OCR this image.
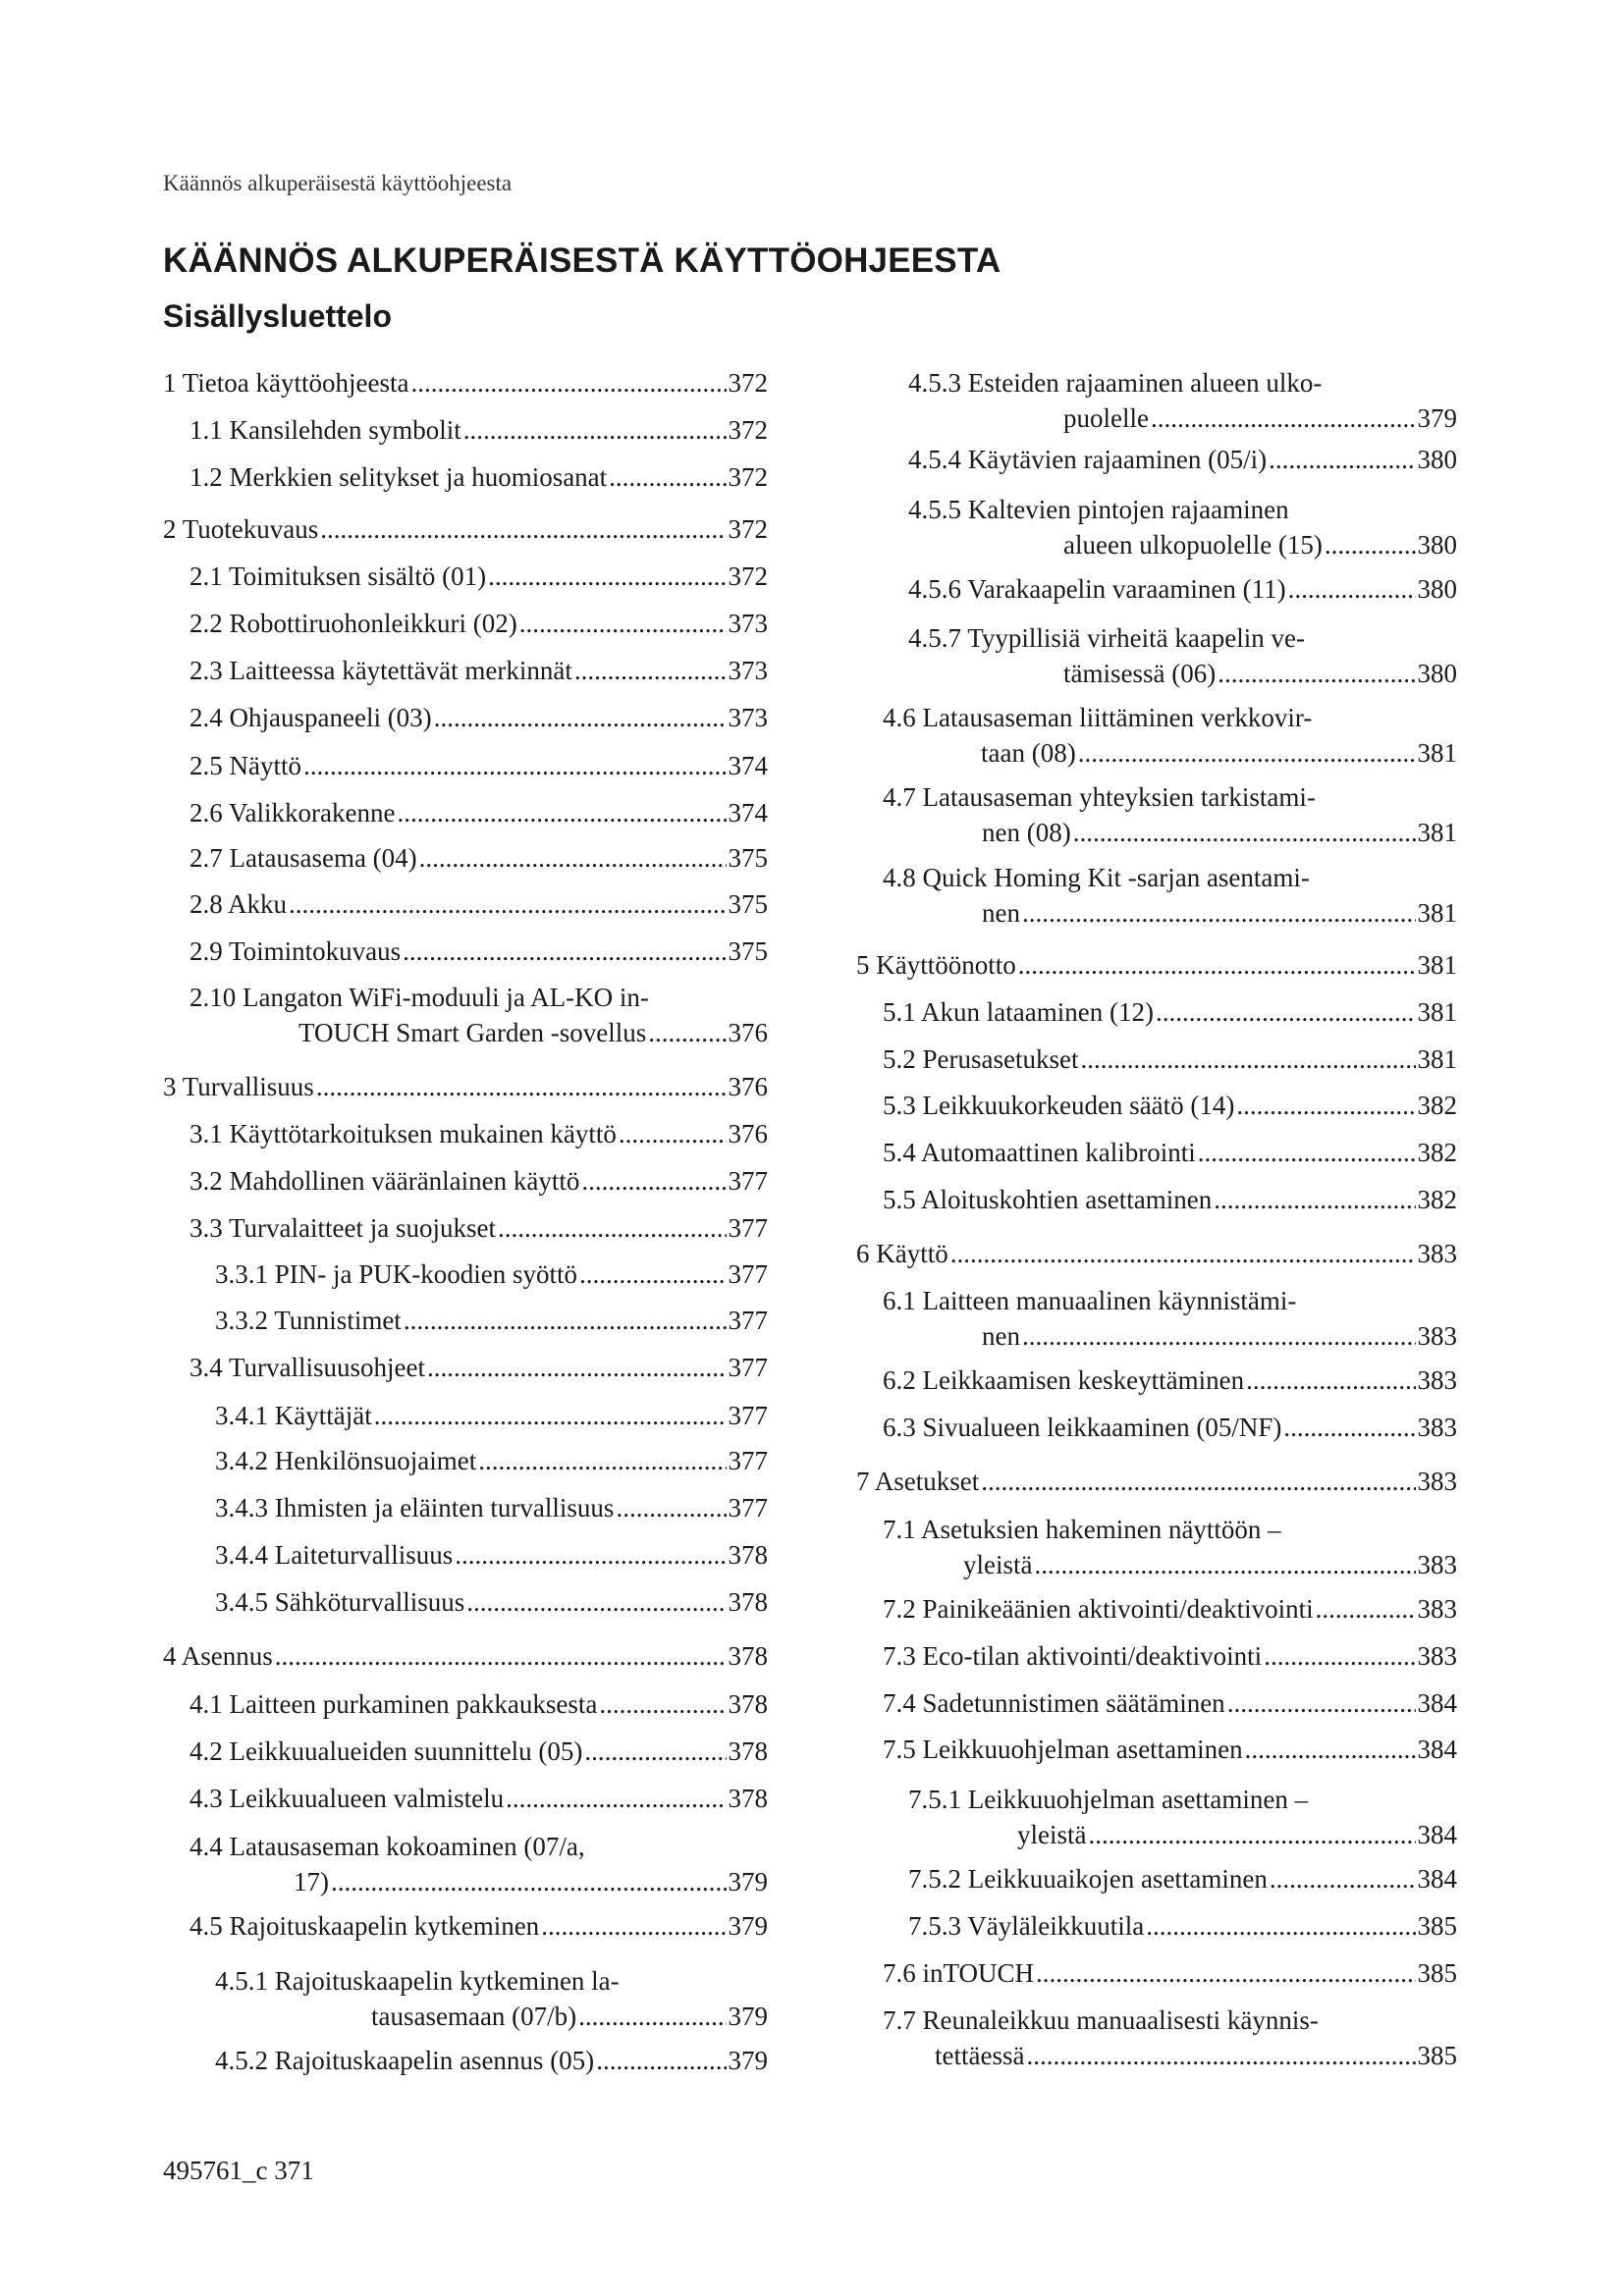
Käännös alkuperäisestä käyttöohjeesta
KÄÄNNÖS ALKUPERÄISESTÄ KÄYTTÖOHJEESTA
Sisällysluettelo
1 Tietoa käyttöohjeesta .....	372
1.1 Kansilehden symbolit .....	372
1.2 Merkkien selitykset ja huomiosanat .....	372
2 Tuotekuvaus .....	372
2.1 Toimituksen sisältö (01) .....	372
2.2 Robottiruohonleikkuri (02) .....	373
2.3 Laitteessa käytettävät merkinnät .....	373
2.4 Ohjauspaneeli (03) .....	373
2.5 Näyttö .....	374
2.6 Valikkorakenne .....	374
2.7 Latausasema (04) .....	375
2.8 Akku .....	375
2.9 Toimintokuvaus .....	375
2.10 Langaton WiFi-moduuli ja AL-KO in-
TOUCH Smart Garden -sovellus .....	376
3 Turvallisuus .....	376
3.1 Käyttötarkoituksen mukainen käyttö .....	376
3.2 Mahdollinen vääränlainen käyttö .....	377
3.3 Turvalaitteet ja suojukset .....	377
3.3.1 PIN- ja PUK-koodien syöttö .....	377
3.3.2 Tunnistimet .....	377
3.4 Turvallisuusohjeet .....	377
3.4.1 Käyttäjät .....	377
3.4.2 Henkilönsuojaimet .....	377
3.4.3 Ihmisten ja eläinten turvallisuus .....	377
3.4.4 Laiteturvallisuus .....	378
3.4.5 Sähköturvallisuus .....	378
4 Asennus .....	378
4.1 Laitteen purkaminen pakkauksesta .....	378
4.2 Leikkuualueiden suunnittelu (05) .....	378
4.3 Leikkuualueen valmistelu .....	378
4.4 Latausaseman kokoaminen (07/a,
17) .....	379
4.5 Rajoituskaapelin kytkeminen .....	379
4.5.1 Rajoituskaapelin kytkeminen la-
tausasemaan (07/b) .....	379
4.5.2 Rajoituskaapelin asennus (05) .....	379
4.5.3 Esteiden rajaaminen alueen ulko-
puolelle .....	379
4.5.4 Käytävien rajaaminen (05/i) .....	380
4.5.5 Kaltevien pintojen rajaaminen
alueen ulkopuolelle (15) .....	380
4.5.6 Varakaapelin varaaminen (11) .....	380
4.5.7 Tyypillisiä virheitä kaapelin ve-
tämisessä (06) .....	380
4.6 Latausaseman liittäminen verkkovir-
taan (08) .....	381
4.7 Latausaseman yhteyksien tarkistami-
nen (08) .....	381
4.8 Quick Homing Kit -sarjan asentami-
nen .....	381
5 Käyttöönotto .....	381
5.1 Akun lataaminen (12) .....	381
5.2 Perusasetukset .....	381
5.3 Leikkuukorkeuden säätö (14) .....	382
5.4 Automaattinen kalibrointi .....	382
5.5 Aloituskohtien asettaminen .....	382
6 Käyttö .....	383
6.1 Laitteen manuaalinen käynnistämi-
nen .....	383
6.2 Leikkaamisen keskeyttäminen .....	383
6.3 Sivualueen leikkaaminen (05/NF) .....	383
7 Asetukset .....	383
7.1 Asetuksien hakeminen näyttöön –
yleistä .....	383
7.2 Painikeäänien aktivointi/deaktivointi .....	383
7.3 Eco-tilan aktivointi/deaktivointi .....	383
7.4 Sadetunnistimen säätäminen .....	384
7.5 Leikkuuohjelman asettaminen .....	384
7.5.1 Leikkuuohjelman asettaminen –
yleistä .....	384
7.5.2 Leikkuuaikojen asettaminen .....	384
7.5.3 Väyläleikkuutila .....	385
7.6 inTOUCH .....	385
7.7 Reunaleikkuu manuaalisesti käynnis-
tettäessä .....	385
495761_c 371
